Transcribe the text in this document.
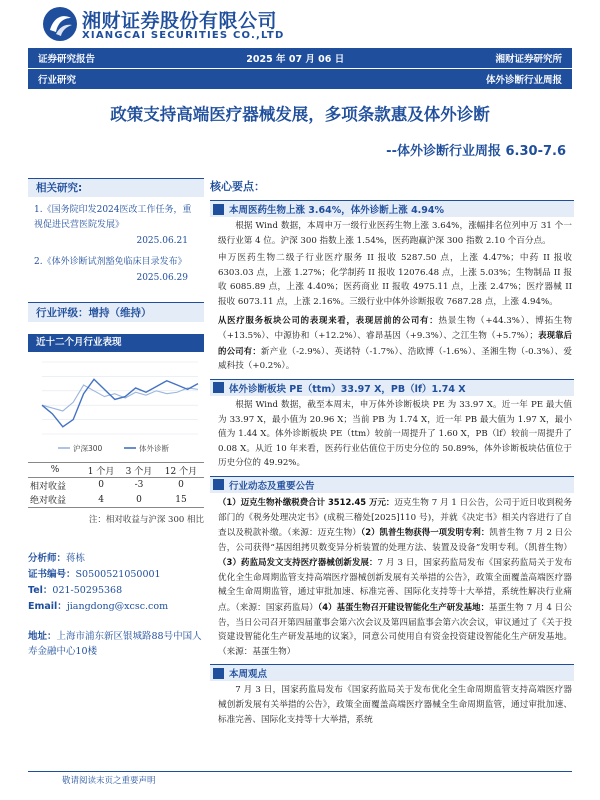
湘财证券股份有限公司
XIANGCAI SECURITIES CO.,LTD
证券研究报告	2025 年 07 月 06 日	湘财证券研究所
行业研究	体外诊断行业周报
政策支持高端医疗器械发展，多项条款惠及体外诊断
--体外诊断行业周报 6.30-7.6
相关研究:
1.《国务院印发2024医改工作任务，重视促进民营医院发展》
2025.06.21
2.《体外诊断试剂豁免临床目录发布》
2025.06.29
行业评级：增持（维持）
近十二个月行业表现
沪深300	体外诊断
%	1 个月	3 个月	12 个月
相对收益	0	-3	0
绝对收益	4	0	15
注：相对收益与沪深 300 相比
分析师：蒋栋
证书编号：S0500521050001
Tel：021-50295368
Email：jiangdong@xcsc.com
地址：上海市浦东新区银城路88号中国人寿金融中心10楼
核心要点：
本周医药生物上涨 3.64%，体外诊断上涨 4.94%
根据 Wind 数据，本周申万一级行业医药生物上涨 3.64%，涨幅排名位列申万 31 个一级行业第 4 位。沪深 300 指数上涨 1.54%，医药跑赢沪深 300 指数 2.10 个百分点。
申万医药生物二级子行业医疗服务 II 报收 5287.50 点，上涨 4.47%；中药 II 报收 6303.03 点，上涨 1.27%；化学制药 II 报收 12076.48 点，上涨 5.03%；生物制品 II 报收 6085.89 点，上涨 4.40%；医药商业 II 报收 4975.11 点，上涨 2.47%；医疗器械 II 报收 6073.11 点，上涨 2.16%。三级行业中体外诊断报收 7687.28 点，上涨 4.94%。
从医疗服务板块公司的表现来看，表现居前的公司有：热景生物（+44.3%）、博拓生物（+13.5%）、中源协和（+12.2%）、睿昂基因（+9.3%）、之江生物（+5.7%）；表现靠后的公司有：新产业（-2.9%）、英诺特（-1.7%）、浩欧博（-1.6%）、圣湘生物（-0.3%）、爱威科技（+0.2%）。
体外诊断板块 PE（ttm）33.97 X，PB（lf）1.74 X
根据 Wind 数据，截至本周末，申万体外诊断板块 PE 为 33.97 X。近一年 PE 最大值为 33.97 X，最小值为 20.96 X；当前 PB 为 1.74 X，近一年 PB 最大值为 1.97 X，最小值为 1.44 X。体外诊断板块 PE（ttm）较前一周提升了 1.60 X，PB（lf）较前一周提升了 0.08 X。从近 10 年来看，医药行业估值位于历史分位的 50.89%，体外诊断板块估值位于历史分位的 49.92%。
行业动态及重要公告
（1）迈克生物补缴税费合计 3512.45 万元：迈克生物 7 月 1 日公告，公司于近日收到税务部门的《税务处理决定书》(成税三稽处[2025]110 号)，并就《决定书》相关内容进行了自查以及税款补缴。（来源：迈克生物）（2）凯普生物获得一项发明专利：凯普生物 7 月 2 日公告，公司获得“基因组拷贝数变异分析装置的处理方法、装置及设备”发明专利。（凯普生物）（3）药监局发文支持医疗器械创新发展：7 月 3 日，国家药监局发布《国家药监局关于发布优化全生命周期监管支持高端医疗器械创新发展有关举措的公告》，政策全面覆盖高端医疗器械全生命周期监管，通过审批加速、标准完善、国际化支持等十大举措，系统性解决行业痛点。（来源：国家药监局）（4）基蛋生物召开建设智能化生产研发基地：基蛋生物 7 月 4 日公告，当日公司召开第四届董事会第六次会议及第四届监事会第六次会议，审议通过了《关于投资建设智能化生产研发基地的议案》，同意公司使用自有资金投资建设智能化生产研发基地。（来源：基蛋生物）
本周观点
7 月 3 日，国家药监局发布《国家药监局关于发布优化全生命周期监管支持高端医疗器械创新发展有关举措的公告》，政策全面覆盖高端医疗器械全生命周期监管，通过审批加速、标准完善、国际化支持等十大举措，系统
敬请阅读末页之重要声明
